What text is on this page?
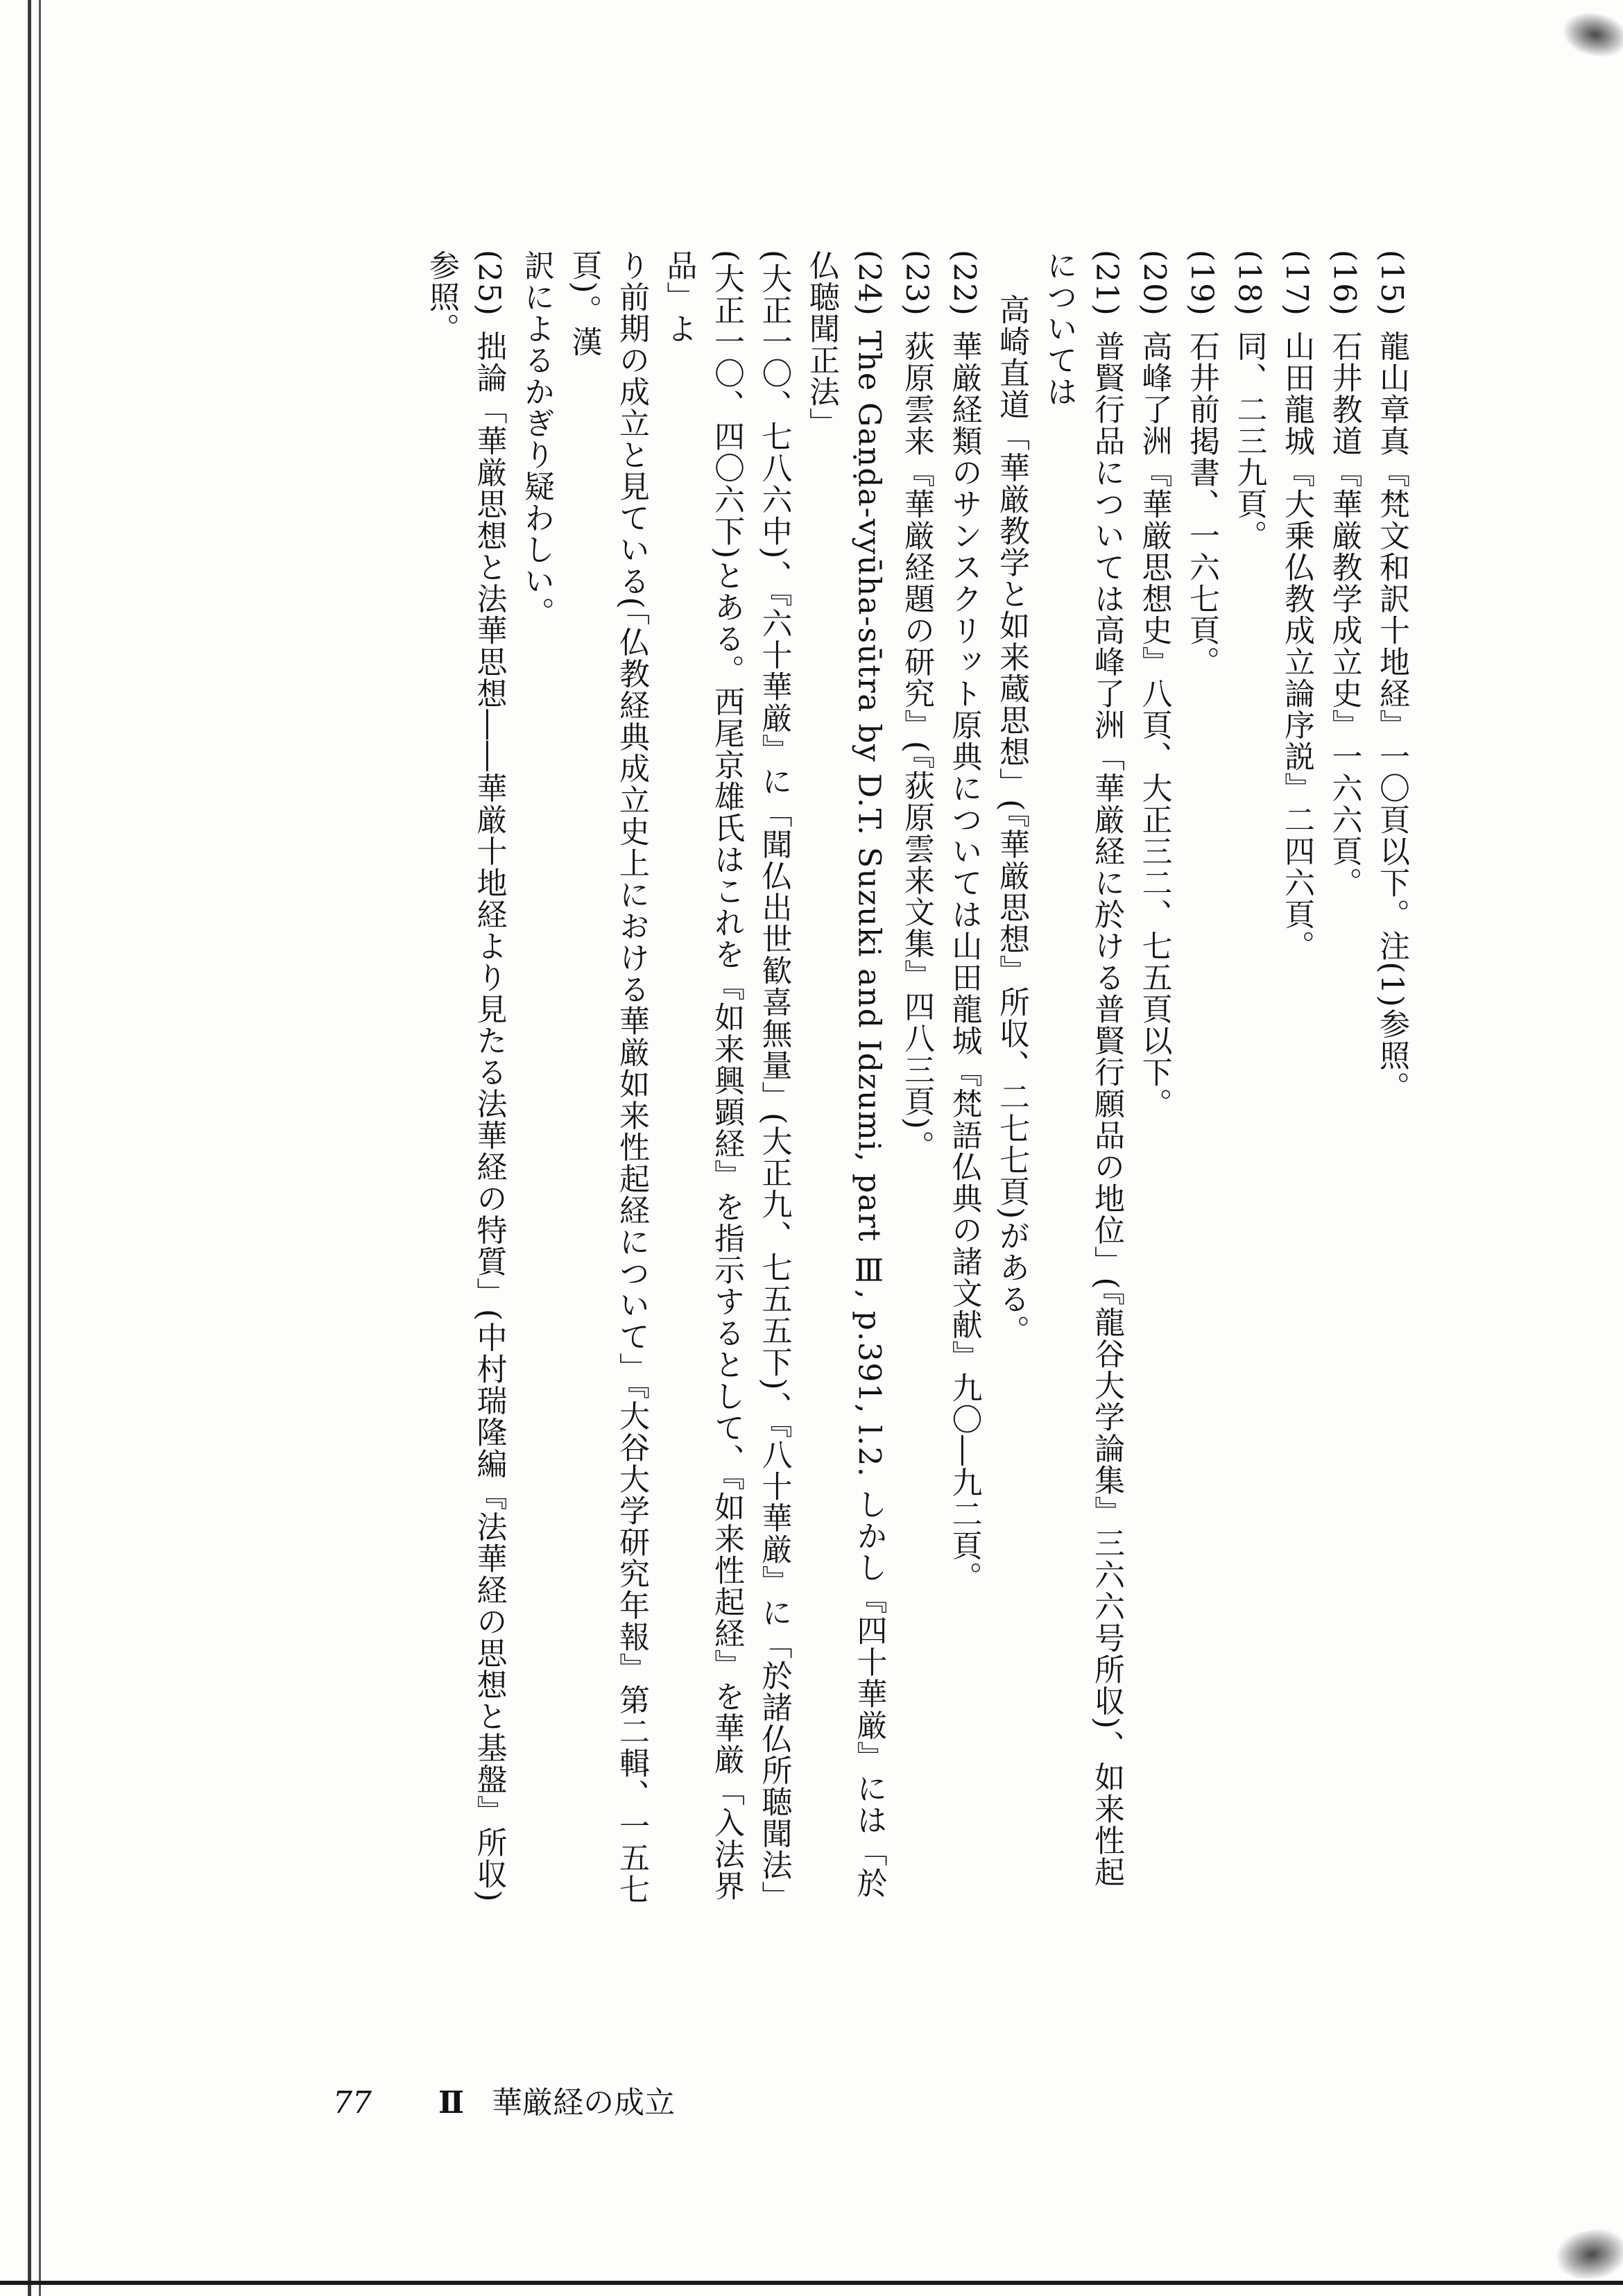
(15)龍山章真『梵文和訳十地経』一〇頁以下。注(1)参照。

(16)石井教道『華厳教学成立史』一六六頁。

(17)山田龍城『大乗仏教成立論序説』二四六頁。

(18)同、二三九頁。

(19)石井前掲書、一六七頁。

(20)高峰了洲『華厳思想史』八頁、大正三二、七五頁以下。

(21)普賢行品については高峰了洲「華厳経に於ける普賢行願品の地位」(『龍谷大学論集』三六六号所収)、如来性起については

高崎直道「華厳教学と如来蔵思想」(『華厳思想』所収、二七七頁)がある。

(22)華厳経類のサンスクリット原典については山田龍城『梵語仏典の諸文献』九〇―九二頁。

(23)荻原雲来『華厳経題の研究』(『荻原雲来文集』四八三頁)。

(24)The Gaṇḍa-vyūha-sūtra by D.T. Suzuki and Idzumi, part Ⅲ, p.391, l.2. しかし『四十華厳』には「於仏聴聞正法」

(大正一〇、七八六中)、『六十華厳』に「聞仏出世歓喜無量」(大正九、七五五下)、『八十華厳』に「於諸仏所聴聞法」

(大正一〇、四〇六下)とある。西尾京雄氏はこれを『如来興顕経』を指示するとして、『如来性起経』を華厳「入法界品」よ

り前期の成立と見ている(「仏教経典成立史上における華厳如来性起経について」『大谷大学研究年報』第二輯、一五七頁)。漢

訳によるかぎり疑わしい。

(25)拙論「華厳思想と法華思想――華厳十地経より見たる法華経の特質」(中村瑞隆編『法華経の思想と基盤』所収)参照。

77 Ⅱ 華厳経の成立
